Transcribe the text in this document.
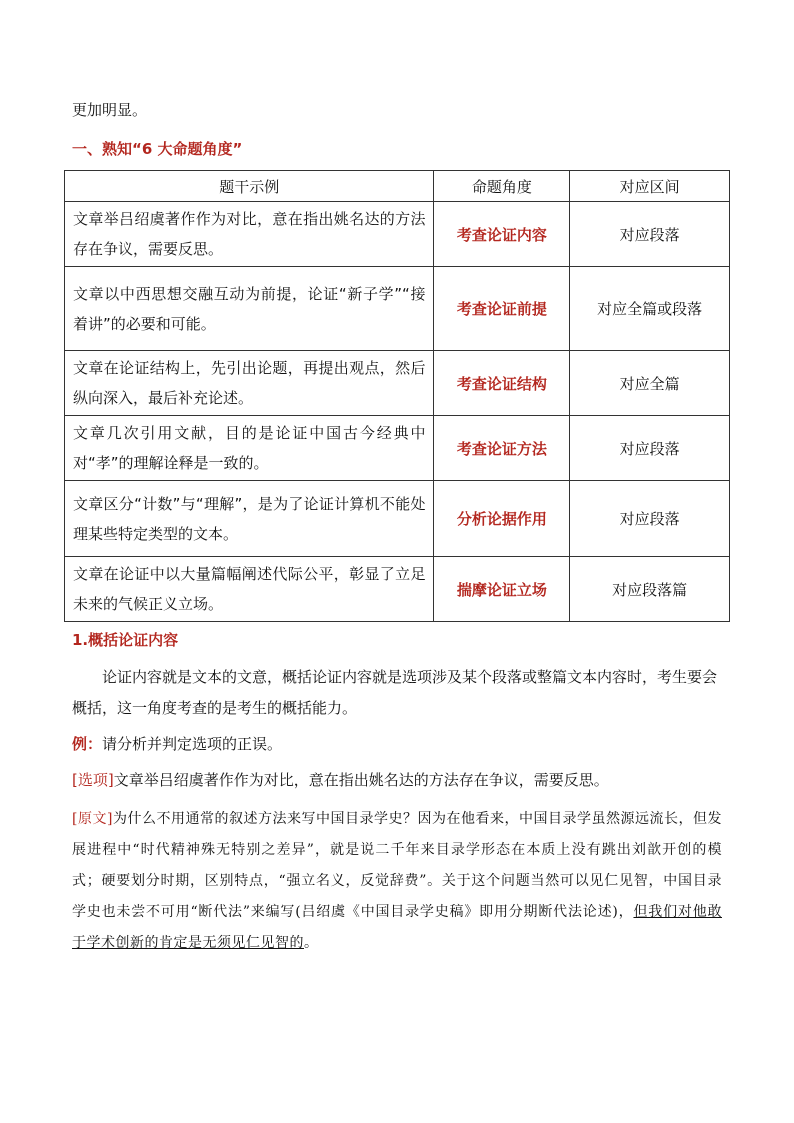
更加明显。
一、熟知“6 大命题角度”
题干示例	命题角度	对应区间
文章举吕绍虞著作作为对比，意在指出姚名达的方法存在争议，需要反思。	考查论证内容	对应段落
文章以中西思想交融互动为前提，论证“新子学”“接着讲”的必要和可能。	考查论证前提	对应全篇或段落
文章在论证结构上，先引出论题，再提出观点，然后纵向深入，最后补充论述。	考查论证结构	对应全篇
文章几次引用文献，目的是论证中国古今经典中对“孝”的理解诠释是一致的。	考查论证方法	对应段落
文章区分“计数”与“理解”，是为了论证计算机不能处理某些特定类型的文本。	分析论据作用	对应段落
文章在论证中以大量篇幅阐述代际公平，彰显了立足未来的气候正义立场。	揣摩论证立场	对应段落篇
1.概括论证内容
论证内容就是文本的文意，概括论证内容就是选项涉及某个段落或整篇文本内容时，考生要会概括，这一角度考查的是考生的概括能力。
例：请分析并判定选项的正误。
[选项]文章举吕绍虞著作作为对比，意在指出姚名达的方法存在争议，需要反思。
[原文]为什么不用通常的叙述方法来写中国目录学史？因为在他看来，中国目录学虽然源远流长，但发展进程中“时代精神殊无特别之差异”，就是说二千年来目录学形态在本质上没有跳出刘歆开创的模式；硬要划分时期，区别特点，“强立名义，反觉辞费”。关于这个问题当然可以见仁见智，中国目录学史也未尝不可用“断代法”来编写(吕绍虞《中国目录学史稿》即用分期断代法论述)，但我们对他敢于学术创新的肯定是无须见仁见智的。
